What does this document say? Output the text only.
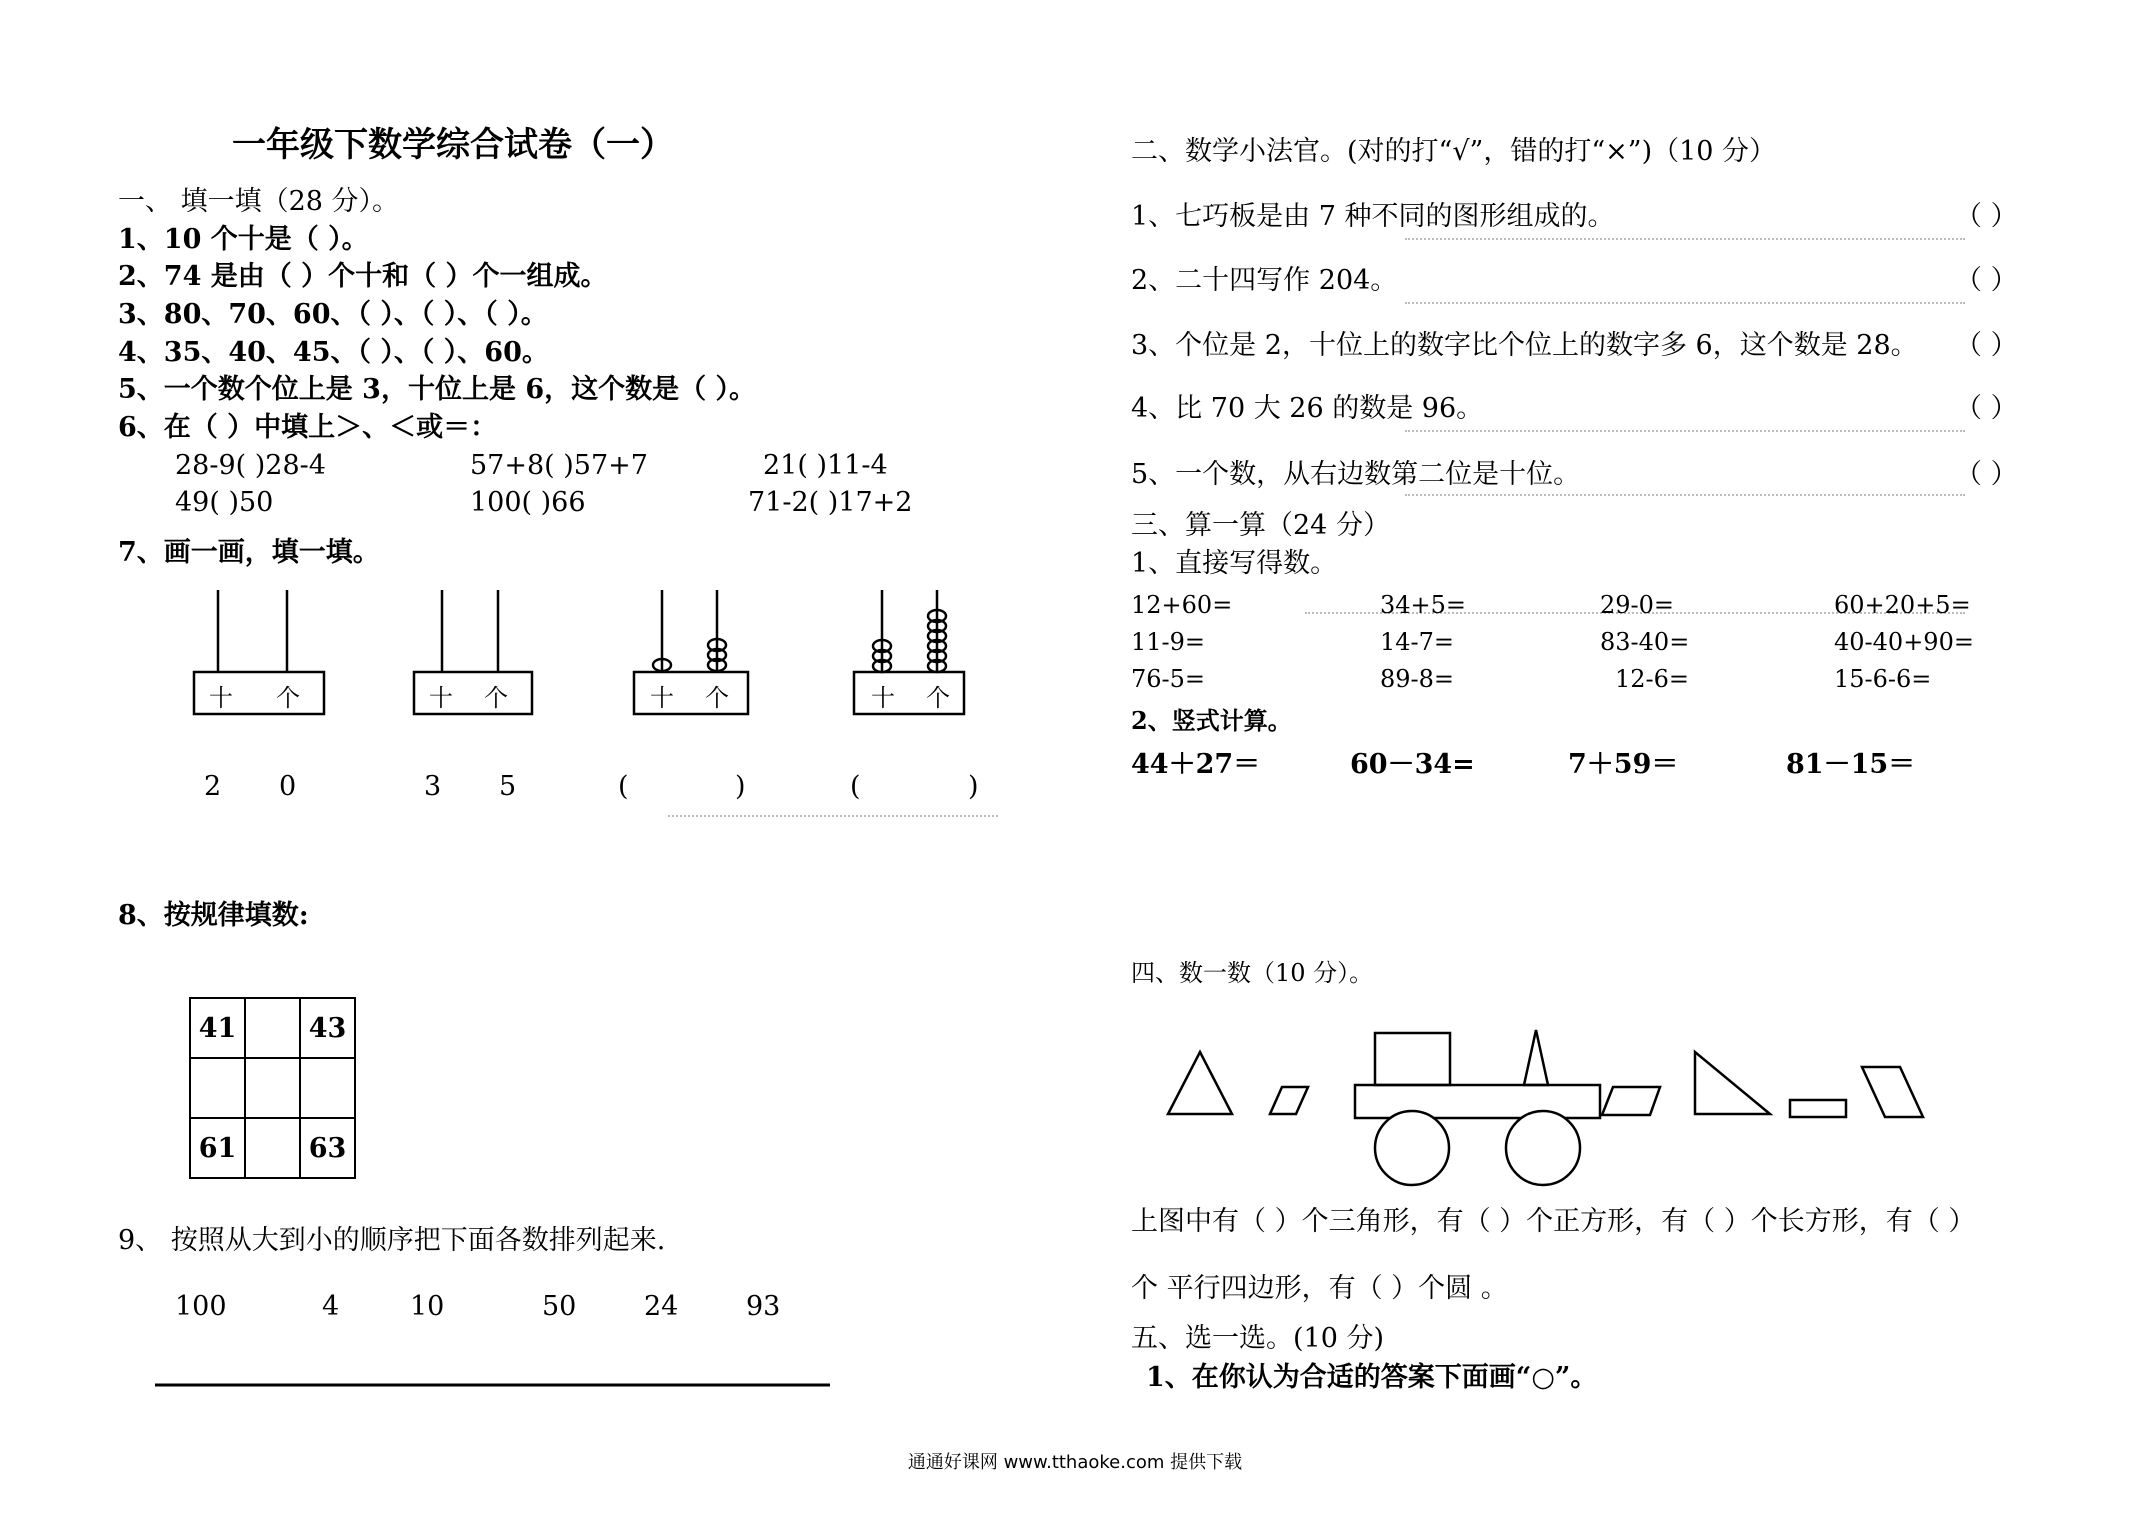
一年级下数学综合试卷（一）
一、 填一填（28 分）。
1、10 个十是（ ）。
2、74 是由（ ）个十和（ ）个一组成。
3、80、70、60、（ ）、（ ）、（ ）。
4、35、40、45、（ ）、（ ）、60。
5、一个数个位上是 3，十位上是 6，这个数是（ ）。
6、在（ ）中填上＞、＜或＝：
28-9( )28-4	57+8( )57+7	21( )11-4
49( )50	100( )66	71-2( )17+2
7、画一画，填一填。
十 个	十 个	十 个	十 个
2 0	3 5	(	)	(	)
8、按规律填数:
41		43

61		63
9、 按照从大到小的顺序把下面各数排列起来.
100	4	10	50	24	93
二、数学小法官。(对的打“√”，错的打“×”)（10 分）
1、七巧板是由 7 种不同的图形组成的。	（ ）
2、二十四写作 204。	（ ）
3、个位是 2，十位上的数字比个位上的数字多 6，这个数是 28。 （ ）
4、比 70 大 26 的数是 96。	（ ）
5、一个数，从右边数第二位是十位。	（ ）
三、算一算（24 分）
1、直接写得数。
12+60=	34+5=	29-0=	60+20+5=
11-9=	14-7=	83-40=	40-40+90=
76-5=	89-8=	12-6=	15-6-6=
2、竖式计算。
44＋27＝	60－34=	7＋59＝	81－15＝
四、数一数（10 分）。
上图中有（ ）个三角形，有（ ）个正方形，有（ ）个长方形，有（ ）
个 平行四边形，有（ ）个圆 。
五、选一选。(10 分)
1、在你认为合适的答案下面画“○”。
通通好课网 www.tthaoke.com 提供下载
